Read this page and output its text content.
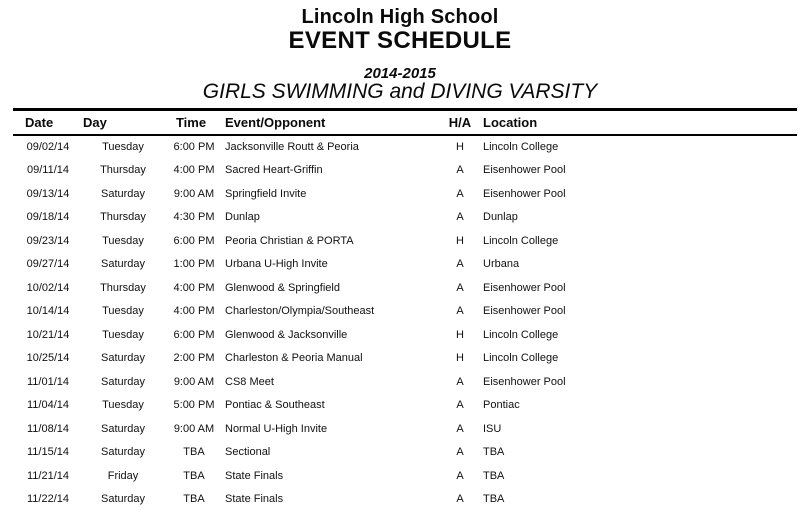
Lincoln High School
EVENT SCHEDULE
2014-2015
GIRLS SWIMMING and DIVING VARSITY
Date	Day	Time	Event/Opponent	H/A	Location
09/02/14	Tuesday	6:00 PM	Jacksonville Routt & Peoria	H	Lincoln College
09/11/14	Thursday	4:00 PM	Sacred Heart-Griffin	A	Eisenhower Pool
09/13/14	Saturday	9:00 AM	Springfield Invite	A	Eisenhower Pool
09/18/14	Thursday	4:30 PM	Dunlap	A	Dunlap
09/23/14	Tuesday	6:00 PM	Peoria Christian & PORTA	H	Lincoln College
09/27/14	Saturday	1:00 PM	Urbana U-High Invite	A	Urbana
10/02/14	Thursday	4:00 PM	Glenwood & Springfield	A	Eisenhower Pool
10/14/14	Tuesday	4:00 PM	Charleston/Olympia/Southeast	A	Eisenhower Pool
10/21/14	Tuesday	6:00 PM	Glenwood & Jacksonville	H	Lincoln College
10/25/14	Saturday	2:00 PM	Charleston & Peoria Manual	H	Lincoln College
11/01/14	Saturday	9:00 AM	CS8 Meet	A	Eisenhower Pool
11/04/14	Tuesday	5:00 PM	Pontiac & Southeast	A	Pontiac
11/08/14	Saturday	9:00 AM	Normal U-High Invite	A	ISU
11/15/14	Saturday	TBA	Sectional	A	TBA
11/21/14	Friday	TBA	State Finals	A	TBA
11/22/14	Saturday	TBA	State Finals	A	TBA
